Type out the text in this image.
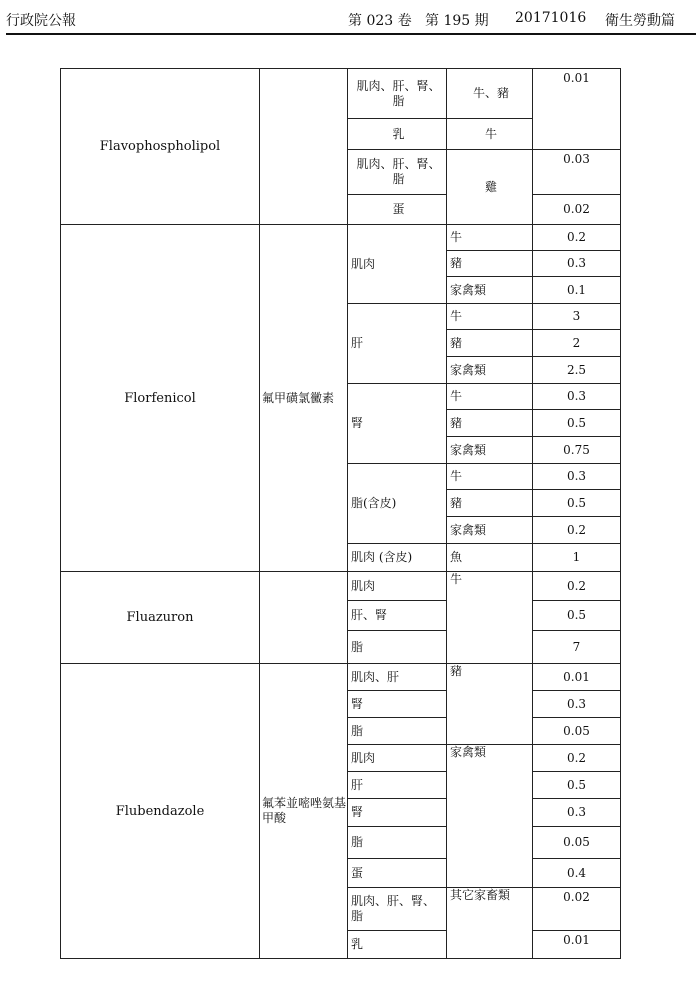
行政院公報	第 023 卷 第 195 期 20171016 衛生勞動篇
Flavophospholipol		肌肉、肝、腎、脂	牛、豬	0.01
		乳	牛	
		肌肉、肝、腎、脂	雞	0.03
		蛋		0.02
Florfenicol	氟甲磺氯黴素	肌肉	牛	0.2
			豬	0.3
			家禽類	0.1
		肝	牛	3
			豬	2
			家禽類	2.5
		腎	牛	0.3
			豬	0.5
			家禽類	0.75
		脂(含皮)	牛	0.3
			豬	0.5
			家禽類	0.2
		肌肉 (含皮)	魚	1
Fluazuron		肌肉	牛	0.2
		肝、腎		0.5
		脂		7
Flubendazole	氟苯並嘧唑氨基甲酸	肌肉、肝	豬	0.01
		腎		0.3
		脂		0.05
		肌肉	家禽類	0.2
		肝		0.5
		腎		0.3
		脂		0.05
		蛋		0.4
		肌肉、肝、腎、脂	其它家畜類	0.02
		乳		0.01
